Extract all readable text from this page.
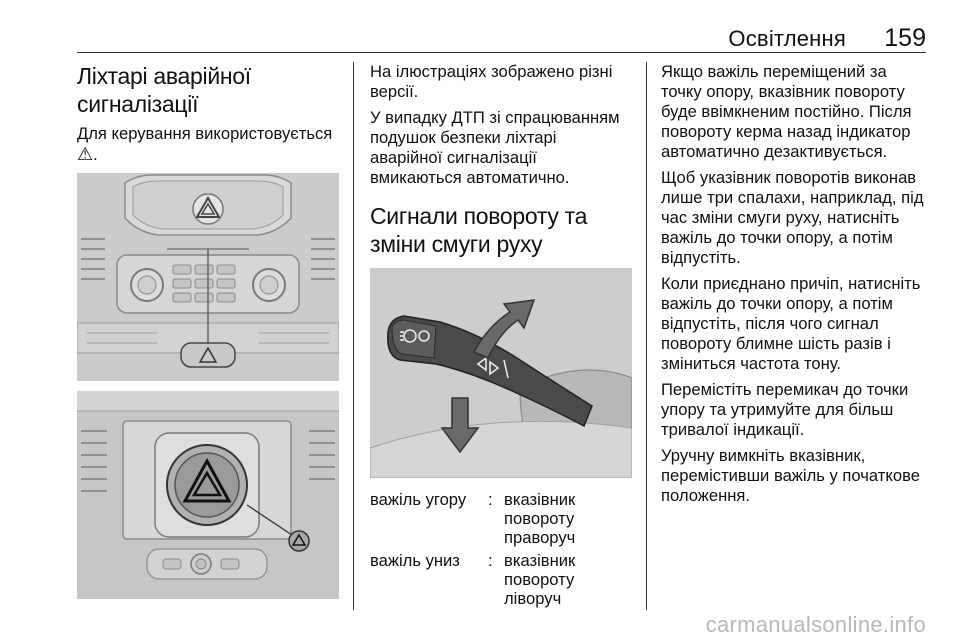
Освітлення 159
Ліхтарі аварійної сигналізації

Для керування використовується ⚠.

На ілюстраціях зображено різні версії.

У випадку ДТП зі спрацюванням подушок безпеки ліхтарі аварійної сигналізації вмикаються автоматично.

Сигнали повороту та зміни смуги руху
важіль угору	: вказівник повороту праворуч
важіль униз	: вказівник повороту ліворуч

Якщо важіль переміщений за точку опору, вказівник повороту буде ввімкненим постійно. Після повороту керма назад індикатор автоматично дезактивується.

Щоб указівник поворотів виконав лише три спалахи, наприклад, під час зміни смуги руху, натисніть важіль до точки опору, а потім відпустіть.

Коли приєднано причіп, натисніть важіль до точки опору, а потім відпустіть, після чого сигнал повороту блимне шість разів і зміниться частота тону.

Перемістіть перемикач до точки упору та утримуйте для більш тривалої індикації.

Уручну вимкніть вказівник, перемістивши важіль у початкове положення.

carmanualsonline.info
